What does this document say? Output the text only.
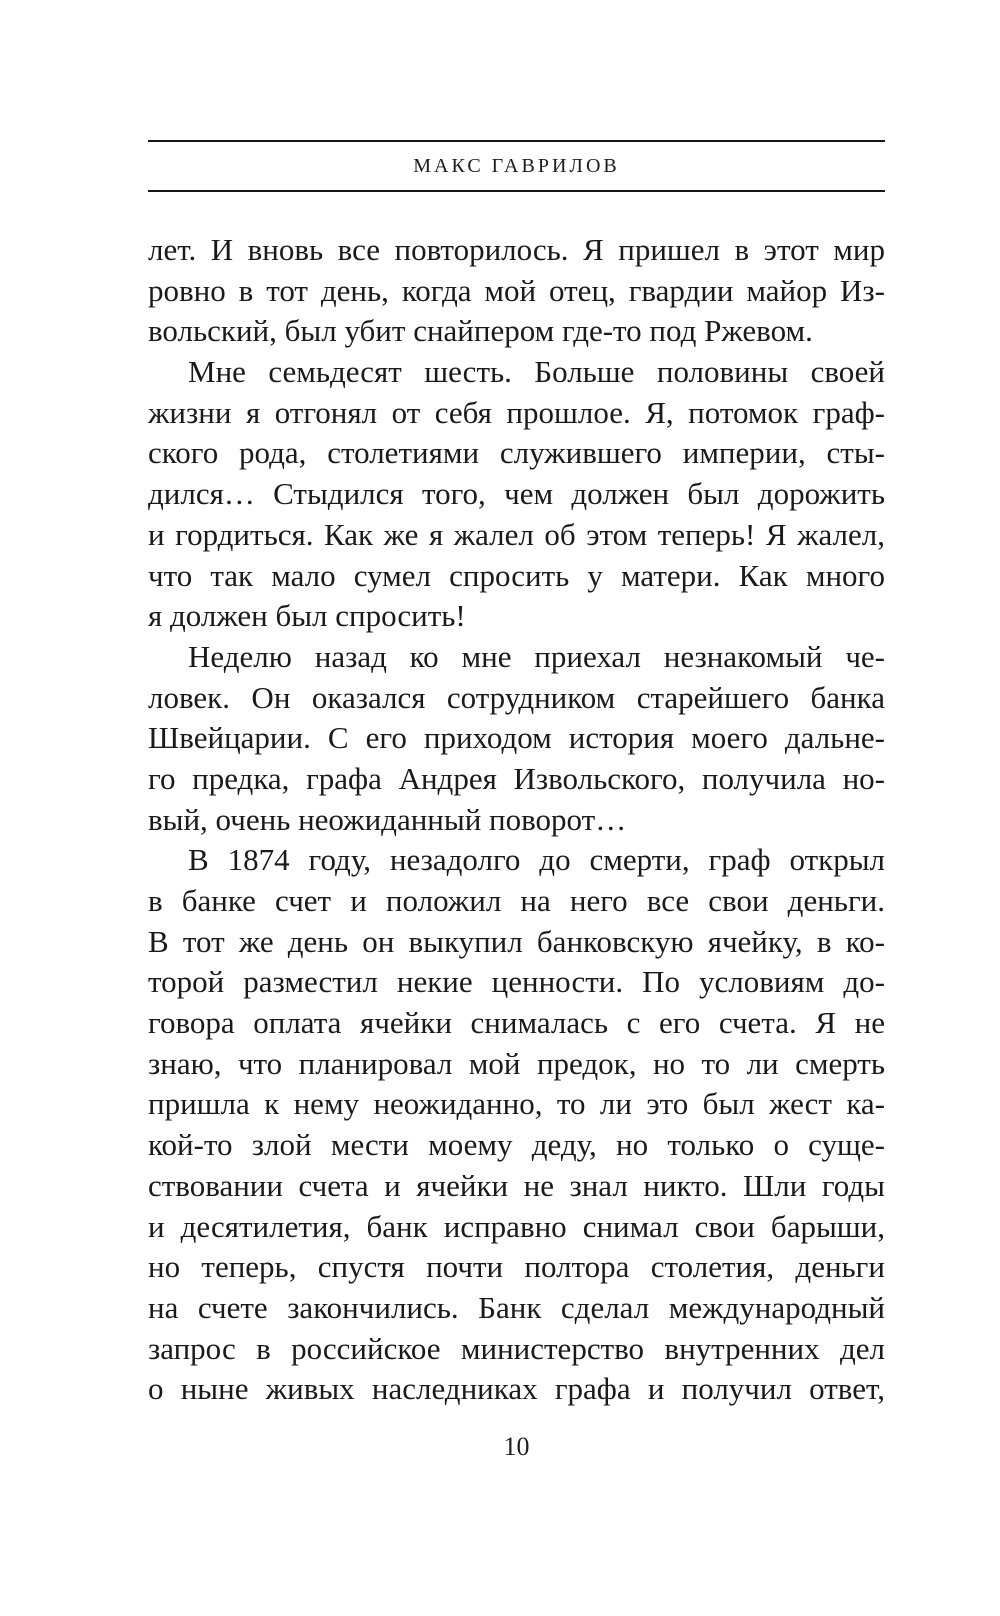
МАКС ГАВРИЛОВ
лет. И вновь все повторилось. Я пришел в этот мир
ровно в тот день, когда мой отец, гвардии майор Из-
вольский, был убит снайпером где-то под Ржевом.
Мне семьдесят шесть. Больше половины своей
жизни я отгонял от себя прошлое. Я, потомок граф-
ского рода, столетиями служившего империи, сты-
дился… Стыдился того, чем должен был дорожить
и гордиться. Как же я жалел об этом теперь! Я жалел,
что так мало сумел спросить у матери. Как много
я должен был спросить!
Неделю назад ко мне приехал незнакомый че-
ловек. Он оказался сотрудником старейшего банка
Швейцарии. С его приходом история моего дальне-
го предка, графа Андрея Извольского, получила но-
вый, очень неожиданный поворот…
В 1874 году, незадолго до смерти, граф открыл
в банке счет и положил на него все свои деньги.
В тот же день он выкупил банковскую ячейку, в ко-
торой разместил некие ценности. По условиям до-
говора оплата ячейки снималась с его счета. Я не
знаю, что планировал мой предок, но то ли смерть
пришла к нему неожиданно, то ли это был жест ка-
кой-то злой мести моему деду, но только о суще-
ствовании счета и ячейки не знал никто. Шли годы
и десятилетия, банк исправно снимал свои барыши,
но теперь, спустя почти полтора столетия, деньги
на счете закончились. Банк сделал международный
запрос в российское министерство внутренних дел
о ныне живых наследниках графа и получил ответ,
10
